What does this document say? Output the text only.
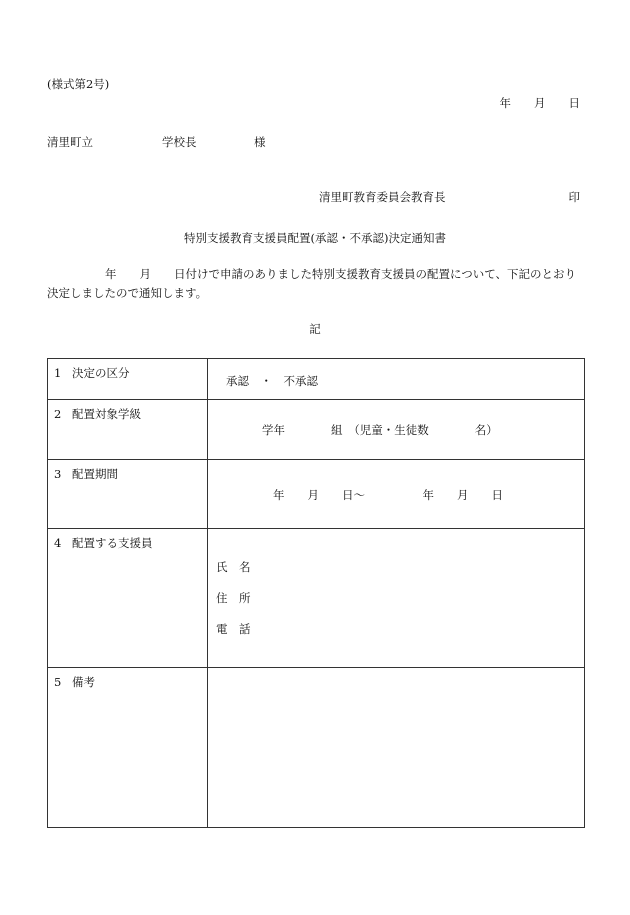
(様式第2号)
年　　月　　日
清里町立　　　　　　学校長　　　　　様
清里町教育委員会教育長	印
特別支援教育支援員配置(承認・不承認)決定通知書
年　　月　　日付けで申請のありました特別支援教育支援員の配置について、下記のとおり決定しましたので通知します。
記
1 決定の区分	承認　・　不承認

2 配置対象学級	学年　　　　組　（児童・生徒数　　　　名）

3 配置期間	年　　月　　日～　　　　　年　　月　　日

4 配置する支援員	氏　名
住　所
電　話

5 備考	
